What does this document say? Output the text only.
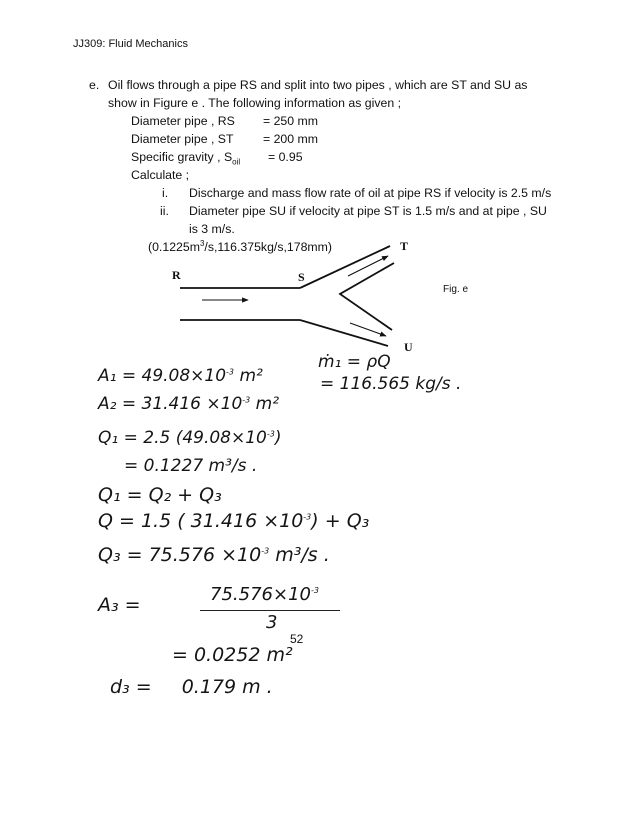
JJ309: Fluid Mechanics
e. Oil flows through a pipe RS and split into two pipes , which are ST and SU as
show in Figure e . The following information as given ;
Diameter pipe , RS = 250 mm
Diameter pipe , ST = 200 mm
Specific gravity , $S_{oil} = 0.95$
Calculate ;
i. Discharge and mass flow rate of oil at pipe RS if velocity is 2.5 m/s
ii. Diameter pipe SU if velocity at pipe ST is 1.5 m/s and at pipe , SU
is 3 m/s.
$(0.1225m^3/s,116.375kg/s,178mm)$
R	S
T
U
Fig. e
$A_1 = 49.08\times 10^{-3}$ m²
ṁ₁ = ρQ
= 116.565 kg/s .
$A_2 = 31.416 \times 10^{-3}$ m²
Q₁ = 2.5 $(49.08\times 10^{-3})$
= 0.1227 m³/s .
Q₁ = Q₂ + Q₃
Q = 1.5 ( $31.416 \times 10^{-3}) + Q_3$
$Q_3 = 75.576 \times 10^{-3}$ m³/s .
A₃ =	$75.576\times 10^{-3}$
3
52
= 0.0252 m²
d₃ = 0.179 m .
